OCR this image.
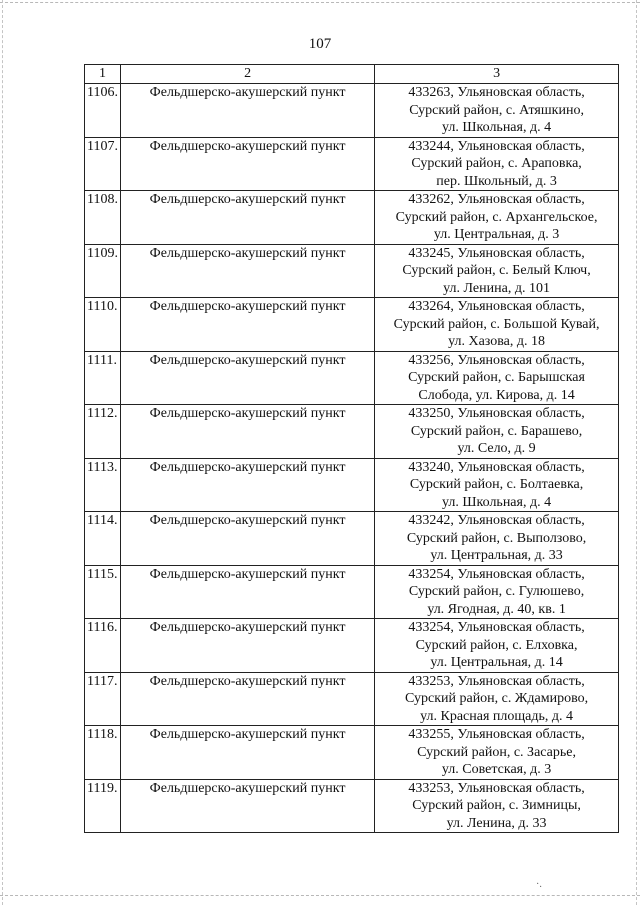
107
1	2	3
1106.	Фельдшерско-акушерский пункт	433263, Ульяновская область,
Сурский район, с. Атяшкино,
ул. Школьная, д. 4

1107.	Фельдшерско-акушерский пункт	433244, Ульяновская область,
Сурский район, с. Араповка,
пер. Школьный, д. 3

1108.	Фельдшерско-акушерский пункт	433262, Ульяновская область,
Сурский район, с. Архангельское,
ул. Центральная, д. 3

1109.	Фельдшерско-акушерский пункт	433245, Ульяновская область,
Сурский район, с. Белый Ключ,
ул. Ленина, д. 101

1110.	Фельдшерско-акушерский пункт	433264, Ульяновская область,
Сурский район, с. Большой Кувай,
ул. Хазова, д. 18

1111.	Фельдшерско-акушерский пункт	433256, Ульяновская область,
Сурский район, с. Барышская
Слобода, ул. Кирова, д. 14

1112.	Фельдшерско-акушерский пункт	433250, Ульяновская область,
Сурский район, с. Барашево,
ул. Село, д. 9

1113.	Фельдшерско-акушерский пункт	433240, Ульяновская область,
Сурский район, с. Болтаевка,
ул. Школьная, д. 4

1114.	Фельдшерско-акушерский пункт	433242, Ульяновская область,
Сурский район, с. Выползово,
ул. Центральная, д. 33

1115.	Фельдшерско-акушерский пункт	433254, Ульяновская область,
Сурский район, с. Гулюшево,
ул. Ягодная, д. 40, кв. 1

1116.	Фельдшерско-акушерский пункт	433254, Ульяновская область,
Сурский район, с. Елховка,
ул. Центральная, д. 14

1117.	Фельдшерско-акушерский пункт	433253, Ульяновская область,
Сурский район, с. Ждамирово,
ул. Красная площадь, д. 4

1118.	Фельдшерско-акушерский пункт	433255, Ульяновская область,
Сурский район, с. Засарье,
ул. Советская, д. 3

1119.	Фельдшерско-акушерский пункт	433253, Ульяновская область,
Сурский район, с. Зимницы,
ул. Ленина, д. 33
·.
